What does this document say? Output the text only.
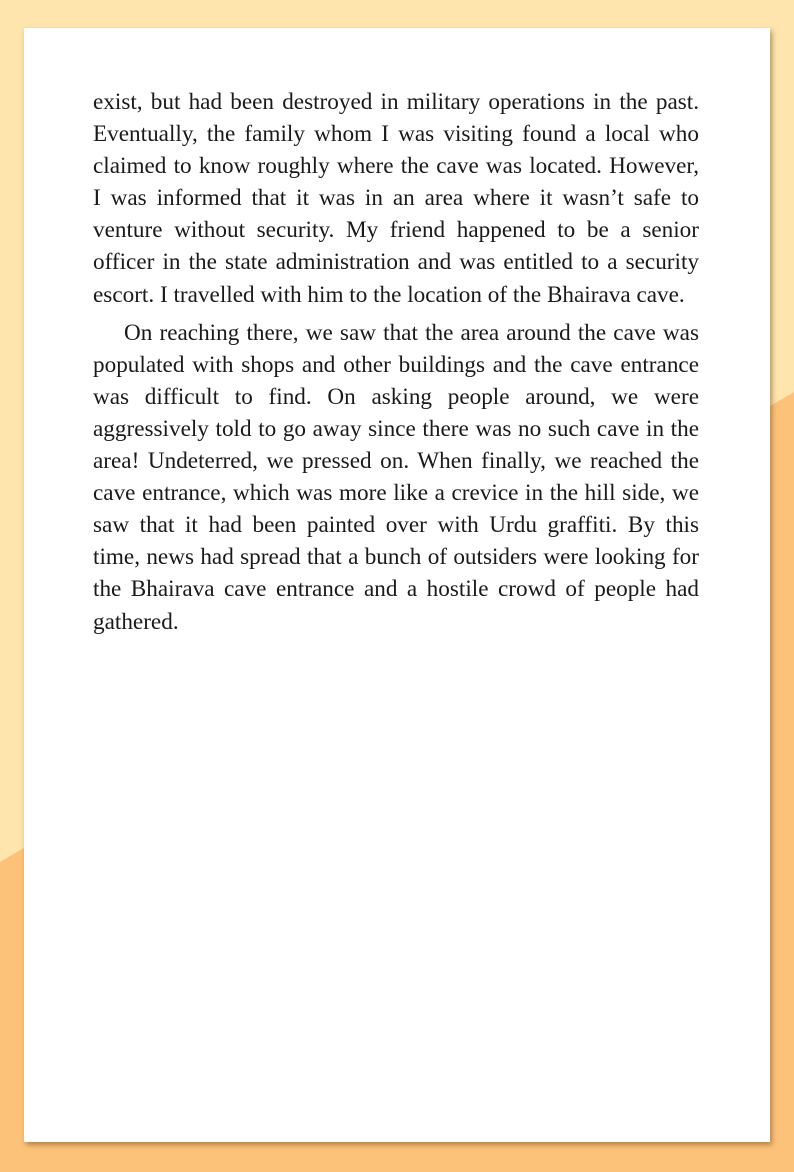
exist, but had been destroyed in military operations in the past. Eventually, the family whom I was visiting found a local who claimed to know roughly where the cave was located. However, I was informed that it was in an area where it wasn’t safe to venture without security. My friend happened to be a senior officer in the state administration and was entitled to a security escort. I travelled with him to the location of the Bhairava cave.

On reaching there, we saw that the area around the cave was populated with shops and other buildings and the cave entrance was difficult to find. On asking people around, we were aggressively told to go away since there was no such cave in the area! Undeterred, we pressed on. When finally, we reached the cave entrance, which was more like a crevice in the hill side, we saw that it had been painted over with Urdu graffiti. By this time, news had spread that a bunch of outsiders were looking for the Bhairava cave entrance and a hostile crowd of people had gathered.
